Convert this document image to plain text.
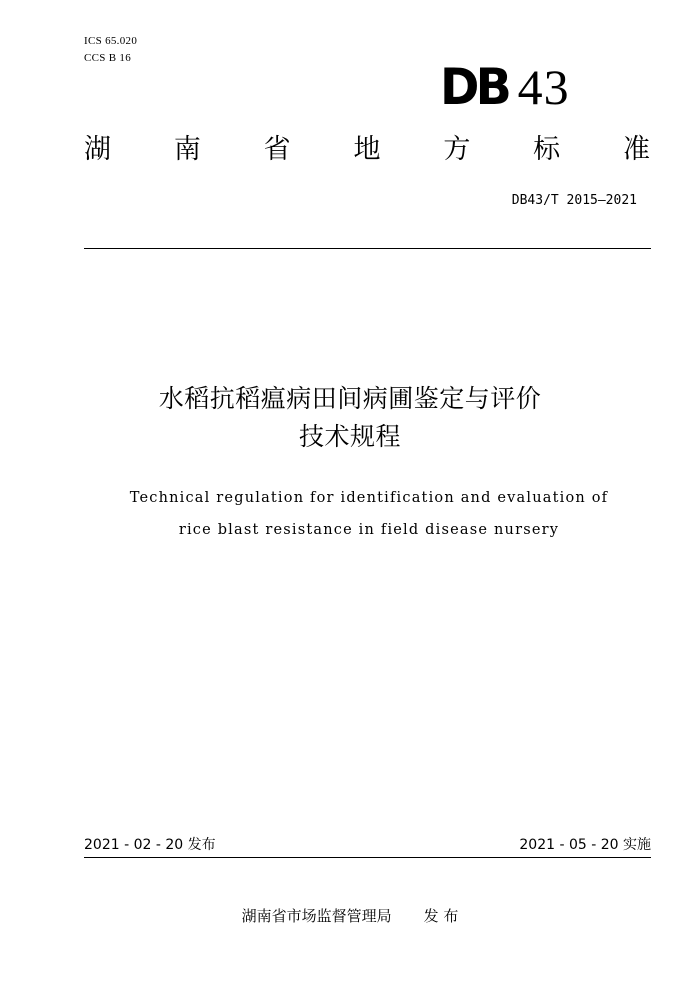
ICS 65.020
CCS B 16	DB 43
湖 南 省 地 方 标 准
DB43/T 2015—2021
水稻抗稻瘟病田间病圃鉴定与评价
技术规程
Technical regulation for identification and evaluation of
rice blast resistance in field disease nursery
2021 - 02 - 20 发布	2021 - 05 - 20 实施
湖南省市场监督管理局 发 布
